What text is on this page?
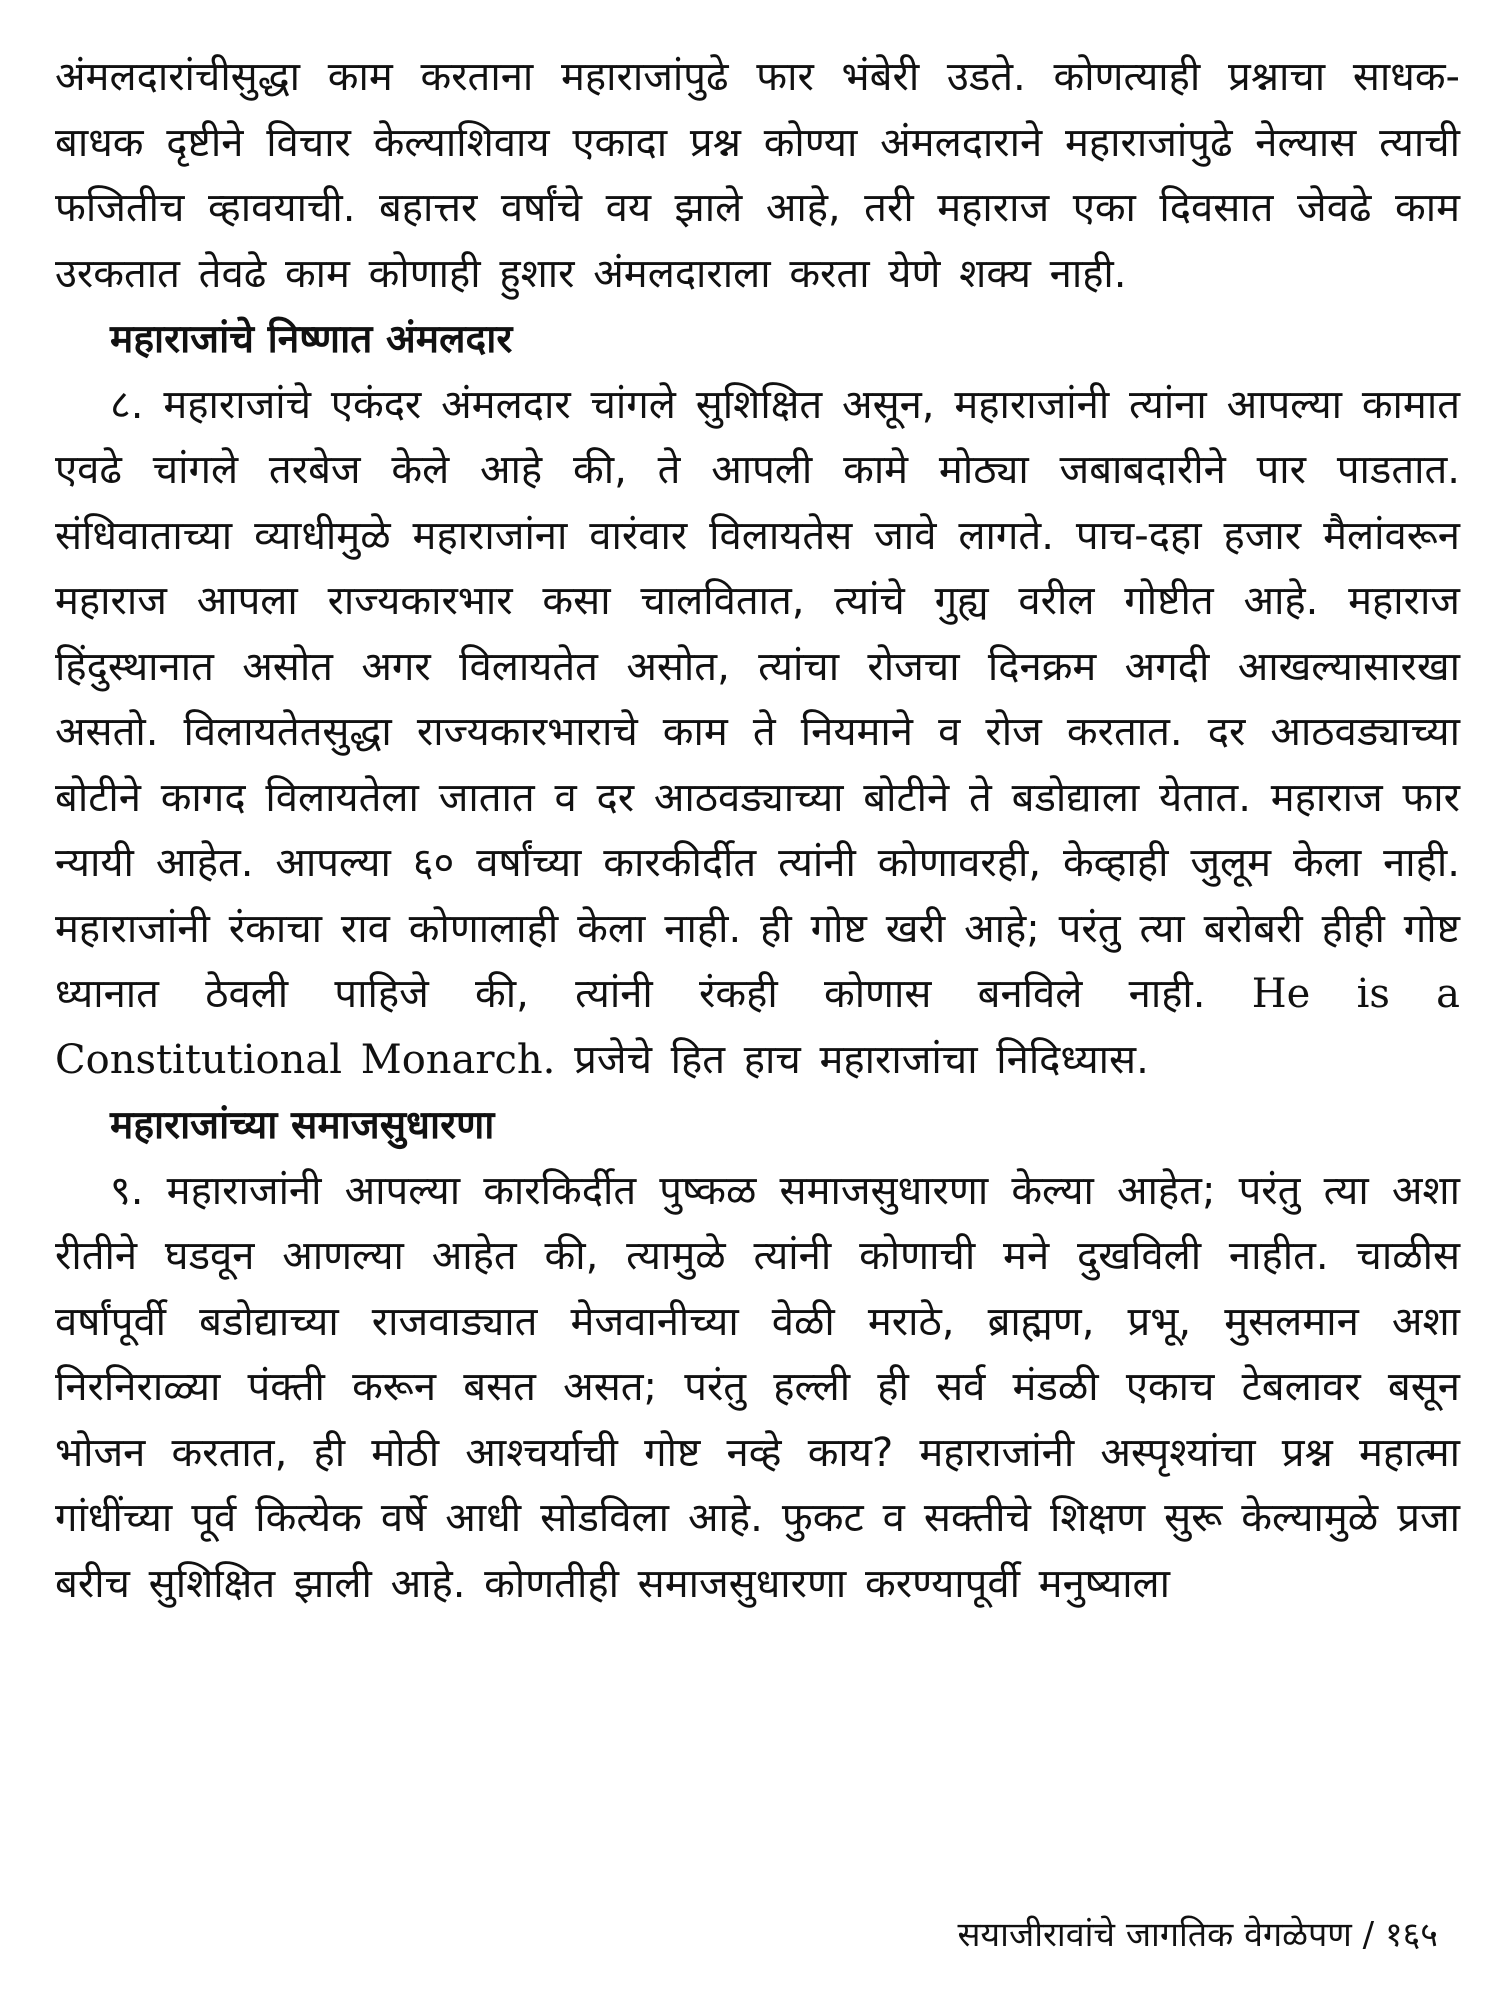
अंमलदारांचीसुद्धा काम करताना महाराजांपुढे फार भंबेरी उडते. कोणत्याही प्रश्नाचा साधक-बाधक दृष्टीने विचार केल्याशिवाय एकादा प्रश्न कोण्या अंमलदाराने महाराजांपुढे नेल्यास त्याची फजितीच व्हावयाची. बहात्तर वर्षांचे वय झाले आहे, तरी महाराज एका दिवसात जेवढे काम उरकतात तेवढे काम कोणाही हुशार अंमलदाराला करता येणे शक्य नाही.

महाराजांचे निष्णात अंमलदार

८. महाराजांचे एकंदर अंमलदार चांगले सुशिक्षित असून, महाराजांनी त्यांना आपल्या कामात एवढे चांगले तरबेज केले आहे की, ते आपली कामे मोठ्या जबाबदारीने पार पाडतात. संधिवाताच्या व्याधीमुळे महाराजांना वारंवार विलायतेस जावे लागते. पाच-दहा हजार मैलांवरून महाराज आपला राज्यकारभार कसा चालवितात, त्यांचे गुह्य वरील गोष्टीत आहे. महाराज हिंदुस्थानात असोत अगर विलायतेत असोत, त्यांचा रोजचा दिनक्रम अगदी आखल्यासारखा असतो. विलायतेतसुद्धा राज्यकारभाराचे काम ते नियमाने व रोज करतात. दर आठवड्याच्या बोटीने कागद विलायतेला जातात व दर आठवड्याच्या बोटीने ते बडोद्याला येतात. महाराज फार न्यायी आहेत. आपल्या ६० वर्षांच्या कारकीर्दीत त्यांनी कोणावरही, केव्हाही जुलूम केला नाही. महाराजांनी रंकाचा राव कोणालाही केला नाही. ही गोष्ट खरी आहे; परंतु त्या बरोबरी हीही गोष्ट ध्यानात ठेवली पाहिजे की, त्यांनी रंकही कोणास बनविले नाही. He is a Constitutional Monarch. प्रजेचे हित हाच महाराजांचा निदिध्यास.

महाराजांच्या समाजसुधारणा

९. महाराजांनी आपल्या कारकिर्दीत पुष्कळ समाजसुधारणा केल्या आहेत; परंतु त्या अशा रीतीने घडवून आणल्या आहेत की, त्यामुळे त्यांनी कोणाची मने दुखविली नाहीत. चाळीस वर्षांपूर्वी बडोद्याच्या राजवाड्यात मेजवानीच्या वेळी मराठे, ब्राह्मण, प्रभू, मुसलमान अशा निरनिराळ्या पंक्ती करून बसत असत; परंतु हल्ली ही सर्व मंडळी एकाच टेबलावर बसून भोजन करतात, ही मोठी आश्चर्याची गोष्ट नव्हे काय? महाराजांनी अस्पृश्यांचा प्रश्न महात्मा गांधींच्या पूर्व कित्येक वर्षे आधी सोडविला आहे. फुकट व सक्तीचे शिक्षण सुरू केल्यामुळे प्रजा बरीच सुशिक्षित झाली आहे. कोणतीही समाजसुधारणा करण्यापूर्वी मनुष्याला

सयाजीरावांचे जागतिक वेगळेपण / १६५
